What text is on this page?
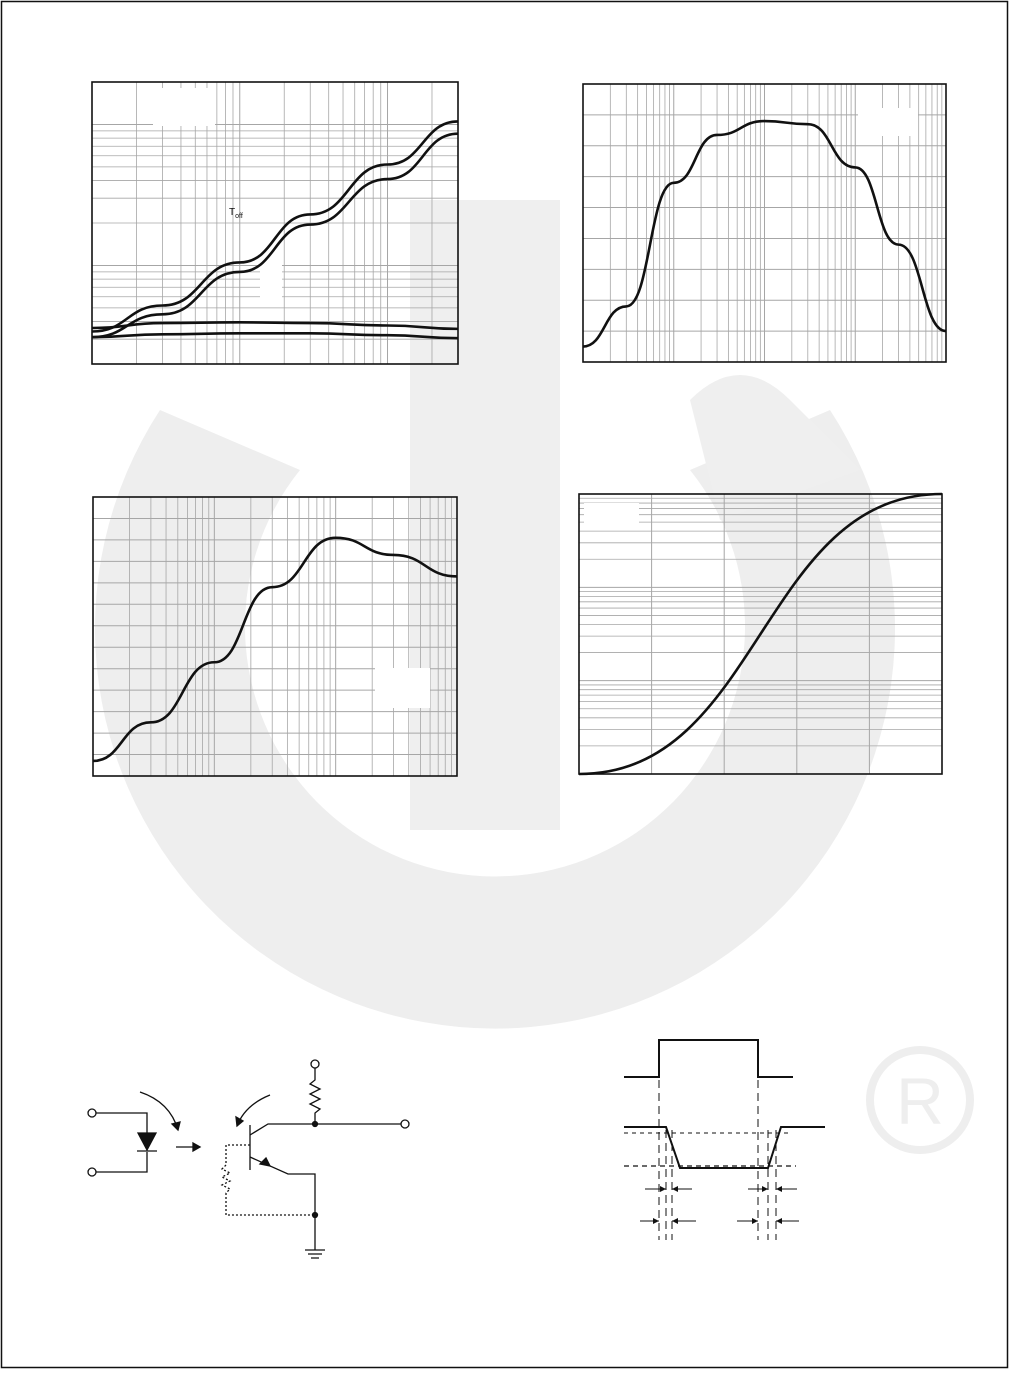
R
$T_{off}$
